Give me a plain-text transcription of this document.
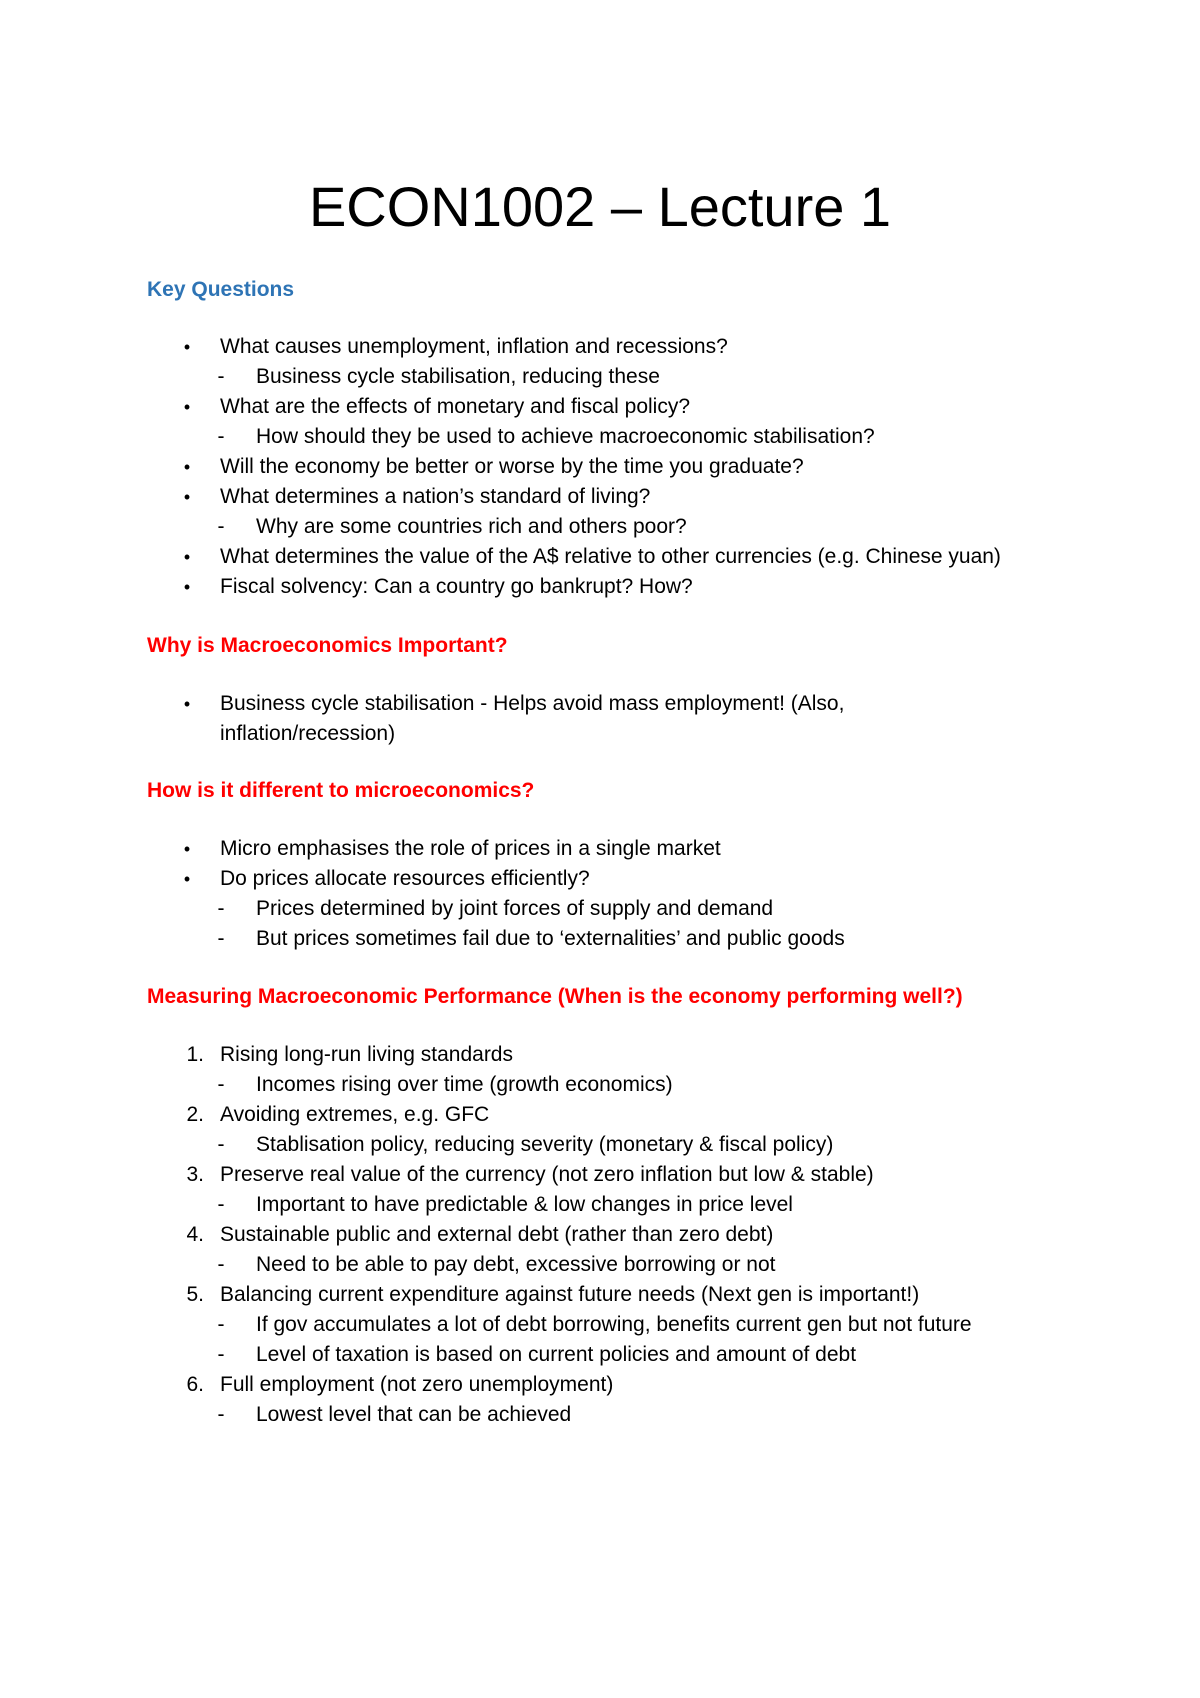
ECON1002 – Lecture 1
Key Questions
•	What causes unemployment, inflation and recessions?
- Business cycle stabilisation, reducing these
•	What are the effects of monetary and fiscal policy?
- How should they be used to achieve macroeconomic stabilisation?
•	Will the economy be better or worse by the time you graduate?
•	What determines a nation’s standard of living?
- Why are some countries rich and others poor?
•	What determines the value of the A$ relative to other currencies (e.g. Chinese yuan)
•	Fiscal solvency: Can a country go bankrupt? How?
Why is Macroeconomics Important?
•	Business cycle stabilisation - Helps avoid mass employment! (Also,
inflation/recession)
How is it different to microeconomics?
•	Micro emphasises the role of prices in a single market
•	Do prices allocate resources efficiently?
- Prices determined by joint forces of supply and demand
- But prices sometimes fail due to ‘externalities’ and public goods
Measuring Macroeconomic Performance (When is the economy performing well?)
1. Rising long-run living standards
- Incomes rising over time (growth economics)
2. Avoiding extremes, e.g. GFC
- Stablisation policy, reducing severity (monetary & fiscal policy)
3. Preserve real value of the currency (not zero inflation but low & stable)
- Important to have predictable & low changes in price level
4. Sustainable public and external debt (rather than zero debt)
- Need to be able to pay debt, excessive borrowing or not
5. Balancing current expenditure against future needs (Next gen is important!)
- If gov accumulates a lot of debt borrowing, benefits current gen but not future
- Level of taxation is based on current policies and amount of debt
6. Full employment (not zero unemployment)
- Lowest level that can be achieved
